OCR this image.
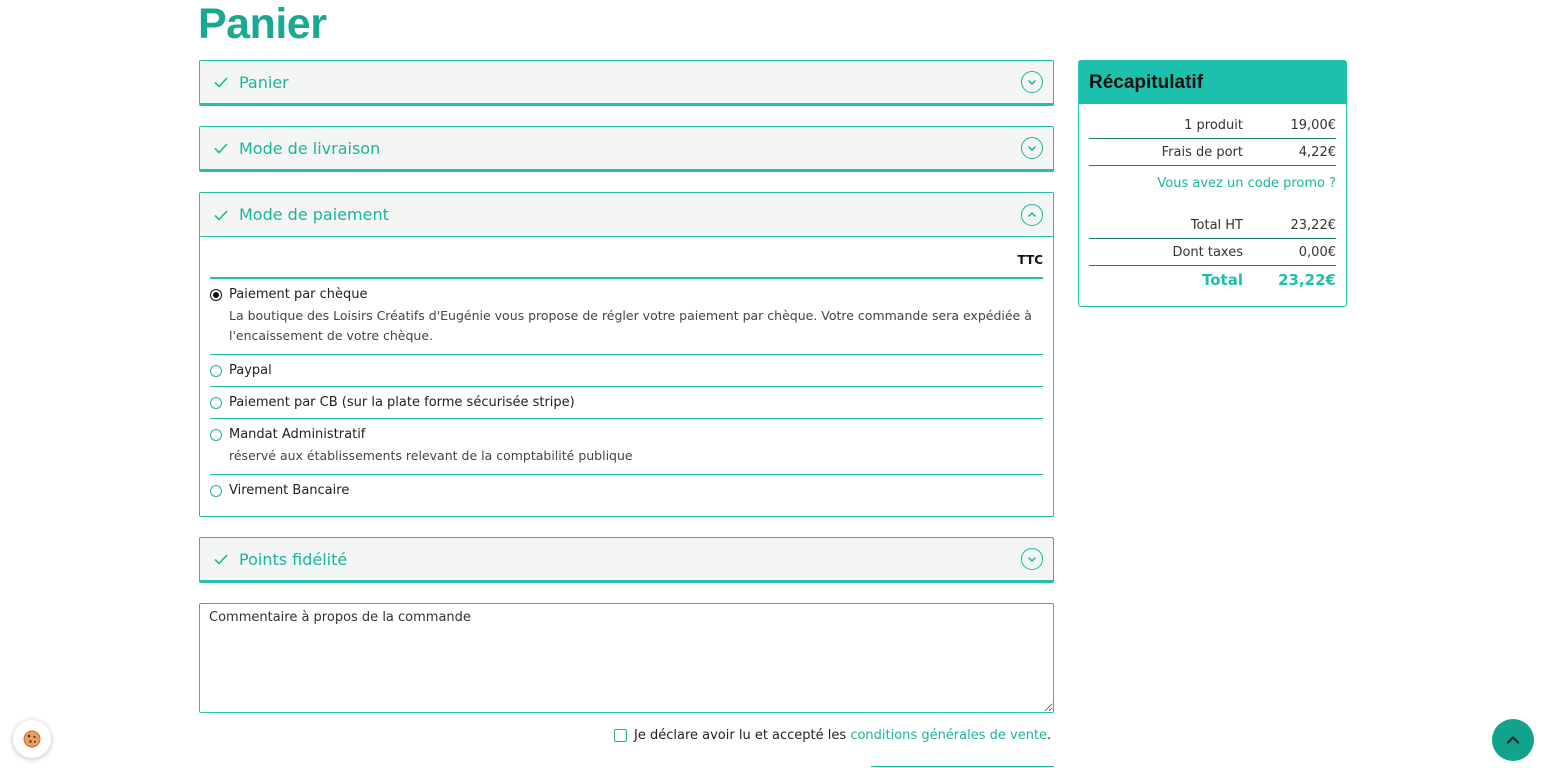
Panier
Panier
Mode de livraison
Mode de paiement
TTC
Paiement par chèque
La boutique des Loisirs Créatifs d'Eugénie vous propose de régler votre paiement par chèque. Votre commande sera expédiée à l'encaissement de votre chèque.
Paypal
Paiement par CB (sur la plate forme sécurisée stripe)
Mandat Administratif
réservé aux établissements relevant de la comptabilité publique
Virement Bancaire
Points fidélité
Commentaire à propos de la commande
Je déclare avoir lu et accepté les
conditions générales de vente .
Récapitulatif
1 produit	19,00€
Frais de port	4,22€
Vous avez un code promo ?
Total HT	23,22€
Dont taxes	0,00€
Total	23,22€
